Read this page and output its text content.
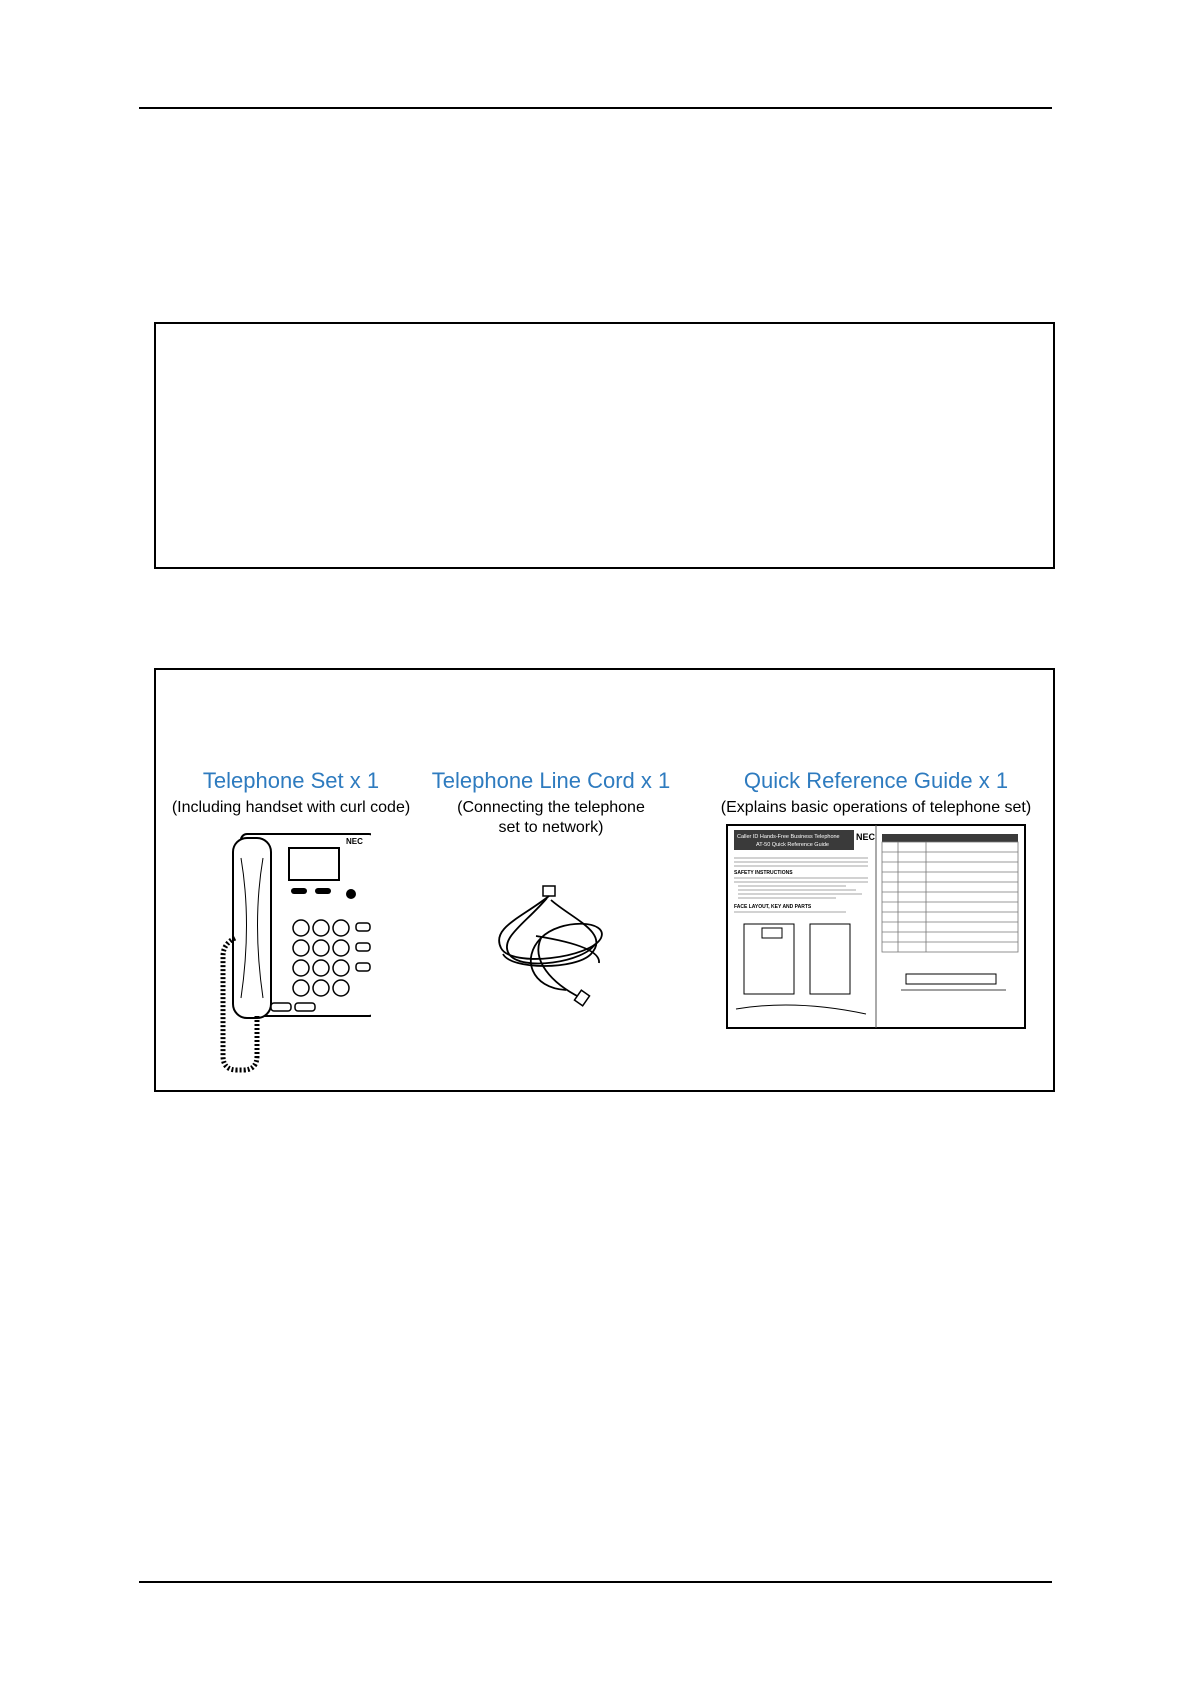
Telephone Set x 1
(Including handset with curl code)
NEC
Telephone Line Cord x 1
(Connecting the telephone set to network)
Quick Reference Guide x 1
(Explains basic operations of telephone set)
Caller ID Hands-Free Business Telephone
AT-50 Quick Reference Guide
NEC
SAFETY INSTRUCTIONS
FACE LAYOUT, KEY AND PARTS
